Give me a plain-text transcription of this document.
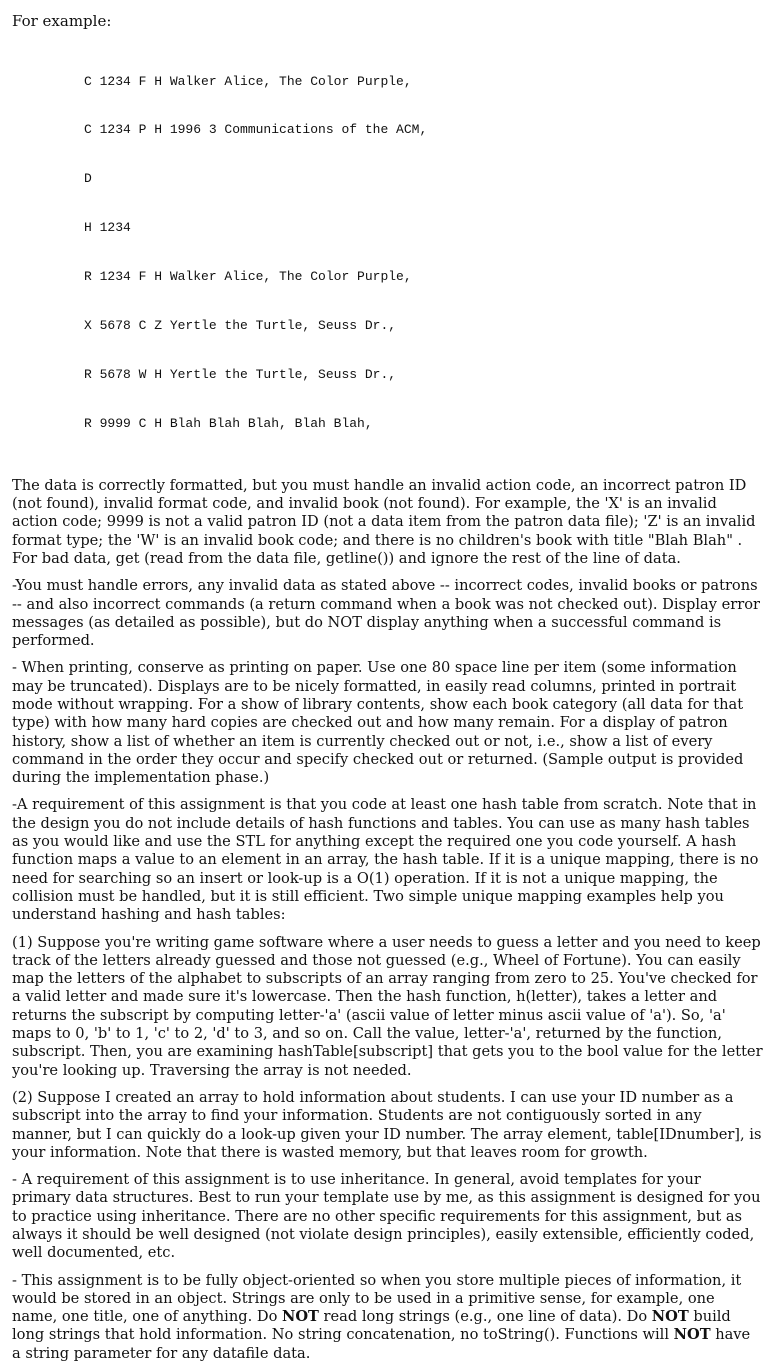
For example:

C 1234 F H Walker Alice, The Color Purple,

C 1234 P H 1996 3 Communications of the ACM,

D

H 1234

R 1234 F H Walker Alice, The Color Purple,

X 5678 C Z Yertle the Turtle, Seuss Dr.,

R 5678 W H Yertle the Turtle, Seuss Dr.,

R 9999 C H Blah Blah Blah, Blah Blah,

The data is correctly formatted, but you must handle an invalid action code, an incorrect patron ID (not found), invalid format code, and invalid book (not found). For example, the 'X' is an invalid action code; 9999 is not a valid patron ID (not a data item from the patron data file); 'Z' is an invalid format type; the 'W' is an invalid book code; and there is no children's book with title "Blah Blah" . For bad data, get (read from the data file, getline()) and ignore the rest of the line of data.

-You must handle errors, any invalid data as stated above -- incorrect codes, invalid books or patrons -- and also incorrect commands (a return command when a book was not checked out). Display error messages (as detailed as possible), but do NOT display anything when a successful command is performed.

- When printing, conserve as printing on paper. Use one 80 space line per item (some information may be truncated). Displays are to be nicely formatted, in easily read columns, printed in portrait mode without wrapping. For a show of library contents, show each book category (all data for that type) with how many hard copies are checked out and how many remain. For a display of patron history, show a list of whether an item is currently checked out or not, i.e., show a list of every command in the order they occur and specify checked out or returned. (Sample output is provided during the implementation phase.)

-A requirement of this assignment is that you code at least one hash table from scratch. Note that in the design you do not include details of hash functions and tables. You can use as many hash tables as you would like and use the STL for anything except the required one you code yourself. A hash function maps a value to an element in an array, the hash table. If it is a unique mapping, there is no need for searching so an insert or look-up is a O(1) operation. If it is not a unique mapping, the collision must be handled, but it is still efficient. Two simple unique mapping examples help you understand hashing and hash tables:

(1) Suppose you're writing game software where a user needs to guess a letter and you need to keep track of the letters already guessed and those not guessed (e.g., Wheel of Fortune). You can easily map the letters of the alphabet to subscripts of an array ranging from zero to 25. You've checked for a valid letter and made sure it's lowercase. Then the hash function, h(letter), takes a letter and returns the subscript by computing letter-'a' (ascii value of letter minus ascii value of 'a'). So, 'a' maps to 0, 'b' to 1, 'c' to 2, 'd' to 3, and so on. Call the value, letter-'a', returned by the function, subscript. Then, you are examining hashTable[subscript] that gets you to the bool value for the letter you're looking up. Traversing the array is not needed.

(2) Suppose I created an array to hold information about students. I can use your ID number as a subscript into the array to find your information. Students are not contiguously sorted in any manner, but I can quickly do a look-up given your ID number. The array element, table[IDnumber], is your information. Note that there is wasted memory, but that leaves room for growth.

- A requirement of this assignment is to use inheritance. In general, avoid templates for your primary data structures. Best to run your template use by me, as this assignment is designed for you to practice using inheritance. There are no other specific requirements for this assignment, but as always it should be well designed (not violate design principles), easily extensible, efficiently coded, well documented, etc.

- This assignment is to be fully object-oriented so when you store multiple pieces of information, it would be stored in an object. Strings are only to be used in a primitive sense, for example, one name, one title, one of anything. Do NOT read long strings (e.g., one line of data). Do NOT build long strings that hold information. No string concatenation, no toString(). Functions will NOT have a string parameter for any datafile data.
